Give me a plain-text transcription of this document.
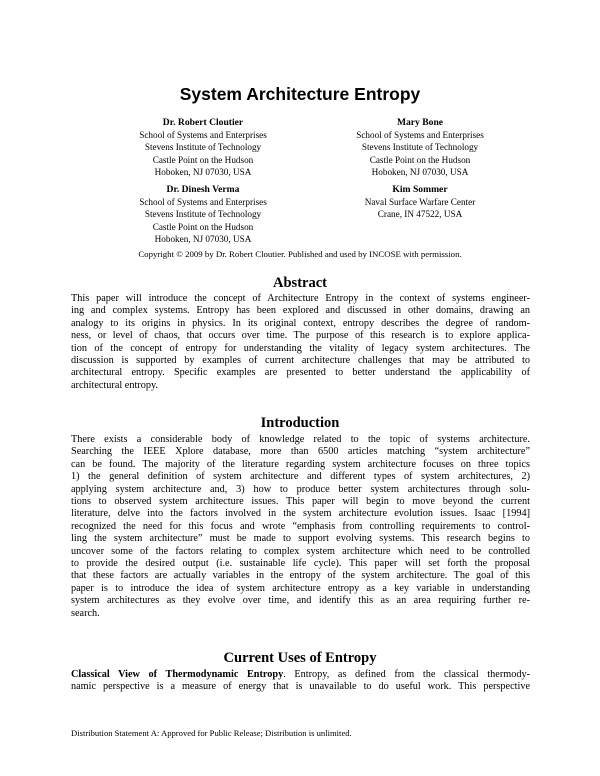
System Architecture Entropy
Dr. Robert Cloutier
School of Systems and Enterprises
Stevens Institute of Technology
Castle Point on the Hudson
Hoboken, NJ 07030, USA
Mary Bone
School of Systems and Enterprises
Stevens Institute of Technology
Castle Point on the Hudson
Hoboken, NJ 07030, USA
Dr. Dinesh Verma
School of Systems and Enterprises
Stevens Institute of Technology
Castle Point on the Hudson
Hoboken, NJ 07030, USA
Kim Sommer
Naval Surface Warfare Center
Crane, IN 47522, USA
Copyright © 2009 by Dr. Robert Cloutier. Published and used by INCOSE with permission.
Abstract
This paper will introduce the concept of Architecture Entropy in the context of systems engineer-
ing and complex systems. Entropy has been explored and discussed in other domains, drawing an
analogy to its origins in physics. In its original context, entropy describes the degree of random-
ness, or level of chaos, that occurs over time. The purpose of this research is to explore applica-
tion of the concept of entropy for understanding the vitality of legacy system architectures. The
discussion is supported by examples of current architecture challenges that may be attributed to
architectural entropy. Specific examples are presented to better understand the applicability of
architectural entropy.
Introduction
There exists a considerable body of knowledge related to the topic of systems architecture.
Searching the IEEE Xplore database, more than 6500 articles matching “system architecture”
can be found. The majority of the literature regarding system architecture focuses on three topics
1) the general definition of system architecture and different types of system architectures, 2)
applying system architecture and, 3) how to produce better system architectures through solu-
tions to observed system architecture issues. This paper will begin to move beyond the current
literature, delve into the factors involved in the system architecture evolution issues. Isaac [1994]
recognized the need for this focus and wrote “emphasis from controlling requirements to control-
ling the system architecture” must be made to support evolving systems. This research begins to
uncover some of the factors relating to complex system architecture which need to be controlled
to provide the desired output (i.e. sustainable life cycle). This paper will set forth the proposal
that these factors are actually variables in the entropy of the system architecture. The goal of this
paper is to introduce the idea of system architecture entropy as a key variable in understanding
system architectures as they evolve over time, and identify this as an area requiring further re-
search.
Current Uses of Entropy
Classical View of Thermodynamic Entropy. Entropy, as defined from the classical thermody-
namic perspective is a measure of energy that is unavailable to do useful work. This perspective
Distribution Statement A: Approved for Public Release; Distribution is unlimited.
